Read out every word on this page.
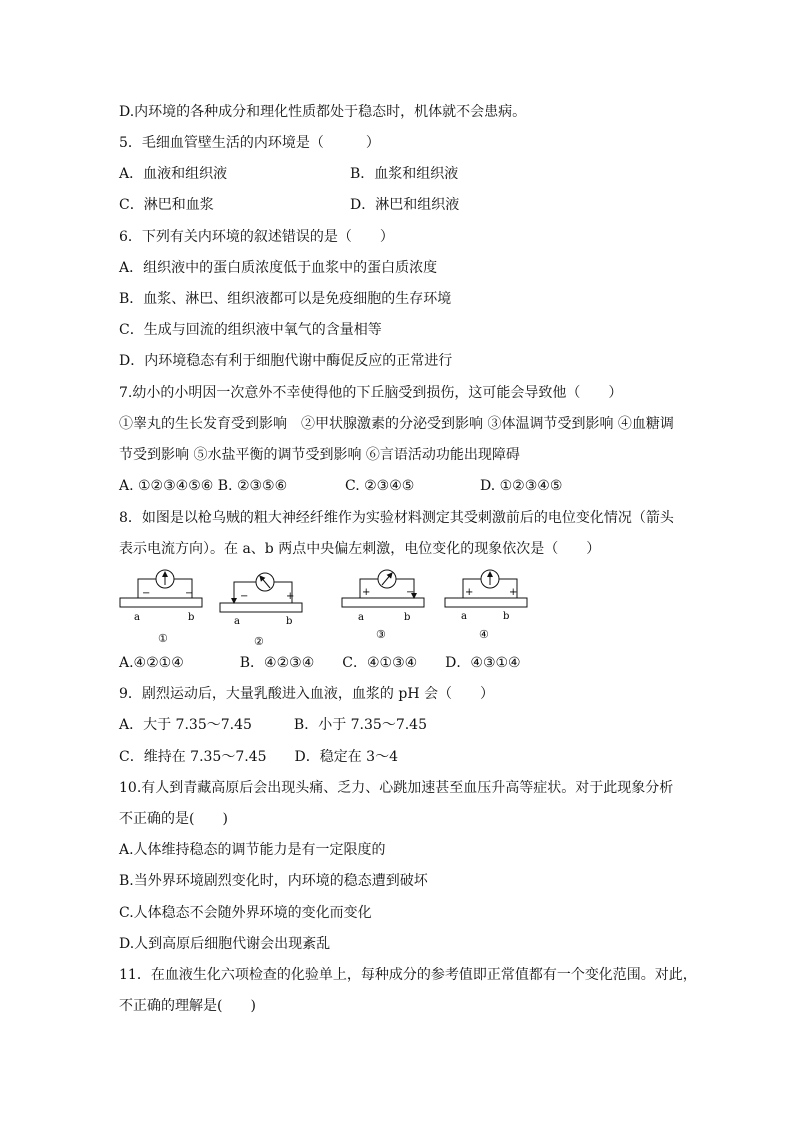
D.内环境的各种成分和理化性质都处于稳态时，机体就不会患病。
5．毛细血管壁生活的内环境是（　　　）
A．血液和组织液	B．血浆和组织液
C．淋巴和血浆	D．淋巴和组织液
6．下列有关内环境的叙述错误的是（　　）
A．组织液中的蛋白质浓度低于血浆中的蛋白质浓度
B．血浆、淋巴、组织液都可以是免疫细胞的生存环境
C．生成与回流的组织液中氧气的含量相等
D．内环境稳态有利于细胞代谢中酶促反应的正常进行
7.幼小的小明因一次意外不幸使得他的下丘脑受到损伤，这可能会导致他（　　）
①睾丸的生长发育受到影响　②甲状腺激素的分泌受到影响 ③体温调节受到影响 ④血糖调
节受到影响 ⑤水盐平衡的调节受到影响 ⑥言语活动功能出现障碍
A. ①②③④⑤⑥ B. ②③⑤⑥	C. ②③④⑤	D. ①②③④⑤
8．如图是以枪乌贼的粗大神经纤维作为实验材料测定其受刺激前后的电位变化情况（箭头
表示电流方向）。在 a、b 两点中央偏左刺激，电位变化的现象依次是（　　）
−	−
a	b
①
−	+
a	b
②
+	−
a	b
③
+	+
a	b
④
A.④②①④　　　　B．④②③④　　C．④①③④　　D．④③①④
9．剧烈运动后，大量乳酸进入血液，血浆的 pH 会（　　）
A．大于 7.35～7.45　　　B．小于 7.35～7.45
C．维持在 7.35～7.45　　D．稳定在 3～4
10.有人到青藏高原后会出现头痛、乏力、心跳加速甚至血压升高等症状。对于此现象分析
不正确的是(　　)
A.人体维持稳态的调节能力是有一定限度的
B.当外界环境剧烈变化时，内环境的稳态遭到破坏
C.人体稳态不会随外界环境的变化而变化
D.人到高原后细胞代谢会出现紊乱
11．在血液生化六项检查的化验单上，每种成分的参考值即正常值都有一个变化范围。对此，
不正确的理解是(　　)
